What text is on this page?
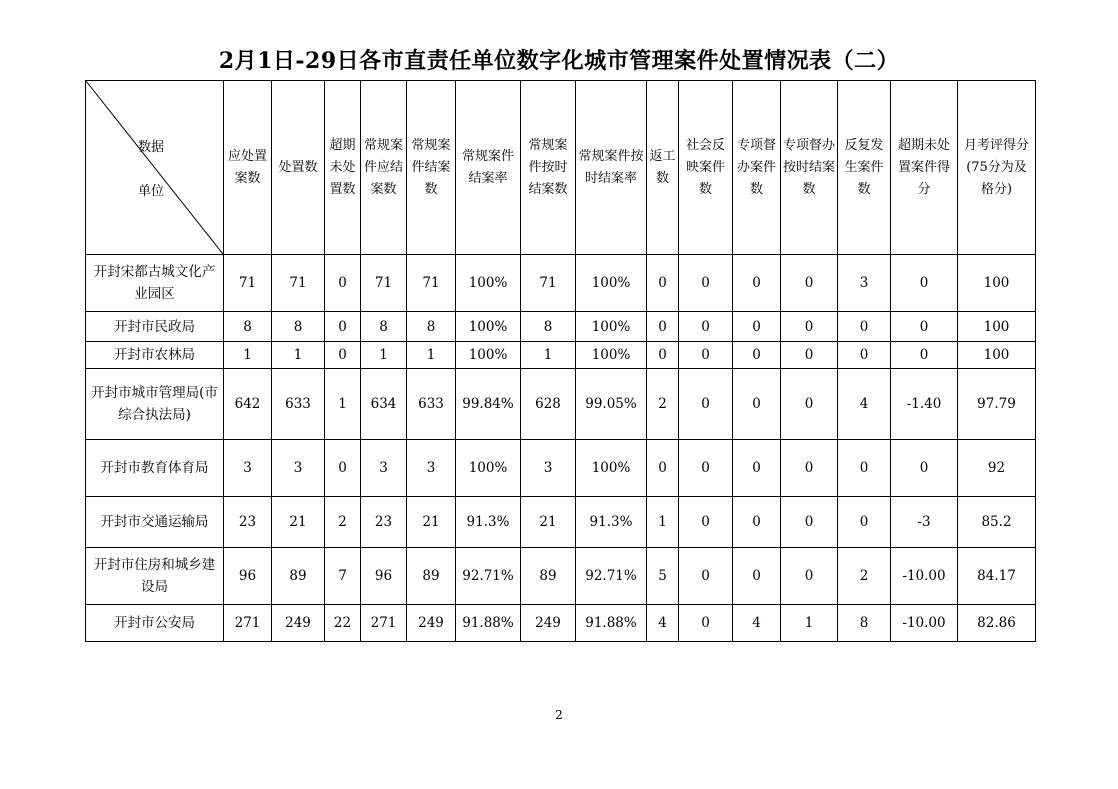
2月1日-29日各市直责任单位数字化城市管理案件处置情况表（二）
数据
单位	应处置案数	处置数	超期未处置数	常规案件应结案数	常规案件结案数	常规案件结案率	常规案件按时结案数	常规案件按时结案率	返工数	社会反映案件数	专项督办案件数	专项督办按时结案数	反复发生案件数	超期未处置案件得分	月考评得分(75分为及格分)
开封宋都古城文化产业园区	71	71	0	71	71	100%	71	100%	0	0	0	0	3	0	100
开封市民政局	8	8	0	8	8	100%	8	100%	0	0	0	0	0	0	100
开封市农林局	1	1	0	1	1	100%	1	100%	0	0	0	0	0	0	100
开封市城市管理局(市综合执法局)	642	633	1	634	633	99.84%	628	99.05%	2	0	0	0	4	-1.40	97.79
开封市教育体育局	3	3	0	3	3	100%	3	100%	0	0	0	0	0	0	92
开封市交通运输局	23	21	2	23	21	91.3%	21	91.3%	1	0	0	0	0	-3	85.2
开封市住房和城乡建设局	96	89	7	96	89	92.71%	89	92.71%	5	0	0	0	2	-10.00	84.17
开封市公安局	271	249	22	271	249	91.88%	249	91.88%	4	0	4	1	8	-10.00	82.86
2
